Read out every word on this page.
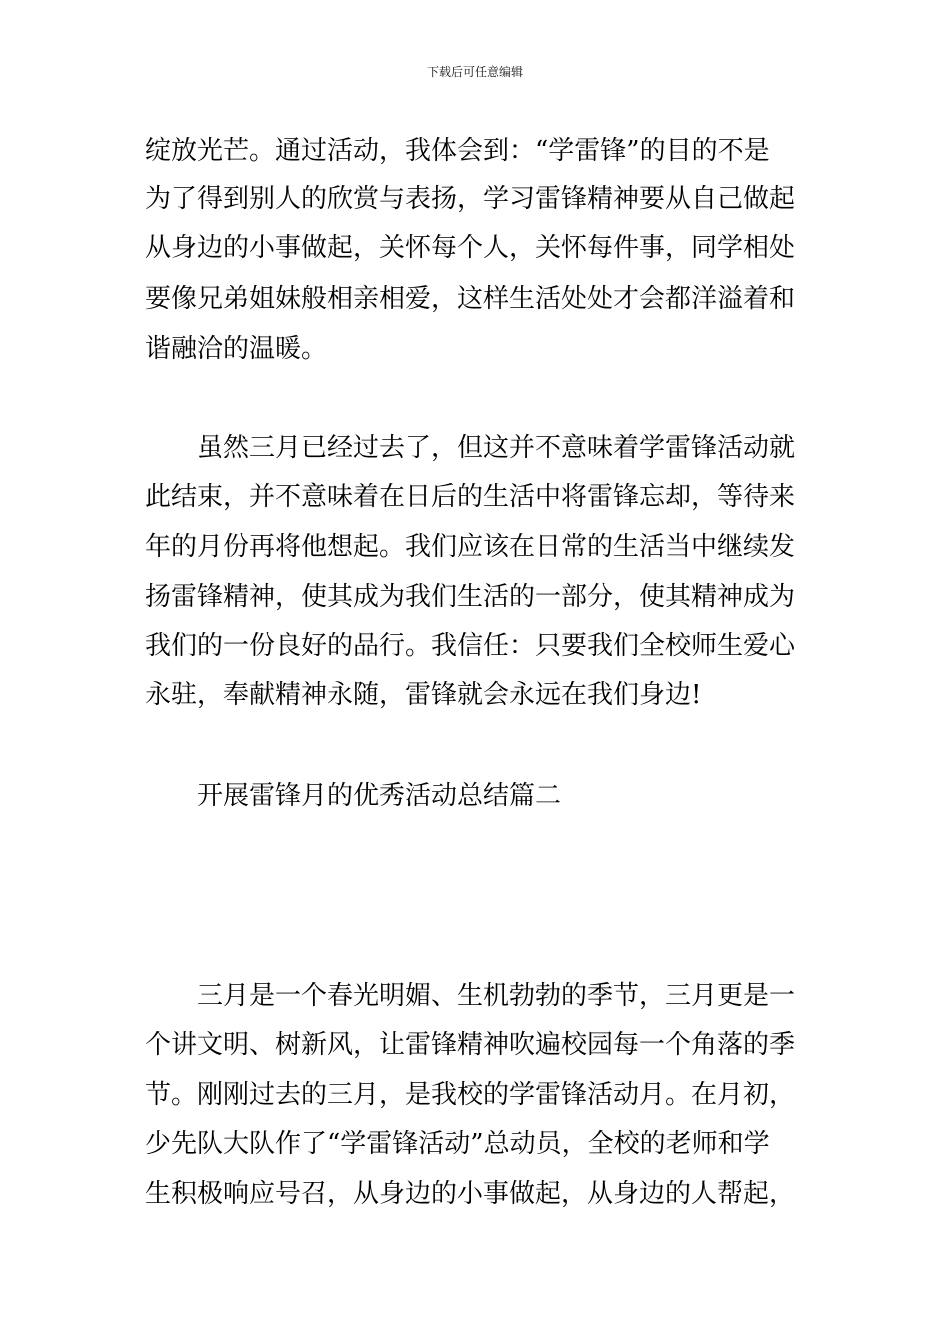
下载后可任意编辑
绽放光芒。通过活动，我体会到：“学雷锋”的目的不是
为了得到别人的欣赏与表扬，学习雷锋精神要从自己做起
从身边的小事做起，关怀每个人，关怀每件事，同学相处
要像兄弟姐妹般相亲相爱，这样生活处处才会都洋溢着和
谐融洽的温暖。
虽然三月已经过去了，但这并不意味着学雷锋活动就
此结束，并不意味着在日后的生活中将雷锋忘却，等待来
年的月份再将他想起。我们应该在日常的生活当中继续发
扬雷锋精神，使其成为我们生活的一部分，使其精神成为
我们的一份良好的品行。我信任：只要我们全校师生爱心
永驻，奉献精神永随，雷锋就会永远在我们身边!
开展雷锋月的优秀活动总结篇二
三月是一个春光明媚、生机勃勃的季节，三月更是一
个讲文明、树新风，让雷锋精神吹遍校园每一个角落的季
节。刚刚过去的三月，是我校的学雷锋活动月。在月初，
少先队大队作了“学雷锋活动”总动员，全校的老师和学
生积极响应号召，从身边的小事做起，从身边的人帮起，
